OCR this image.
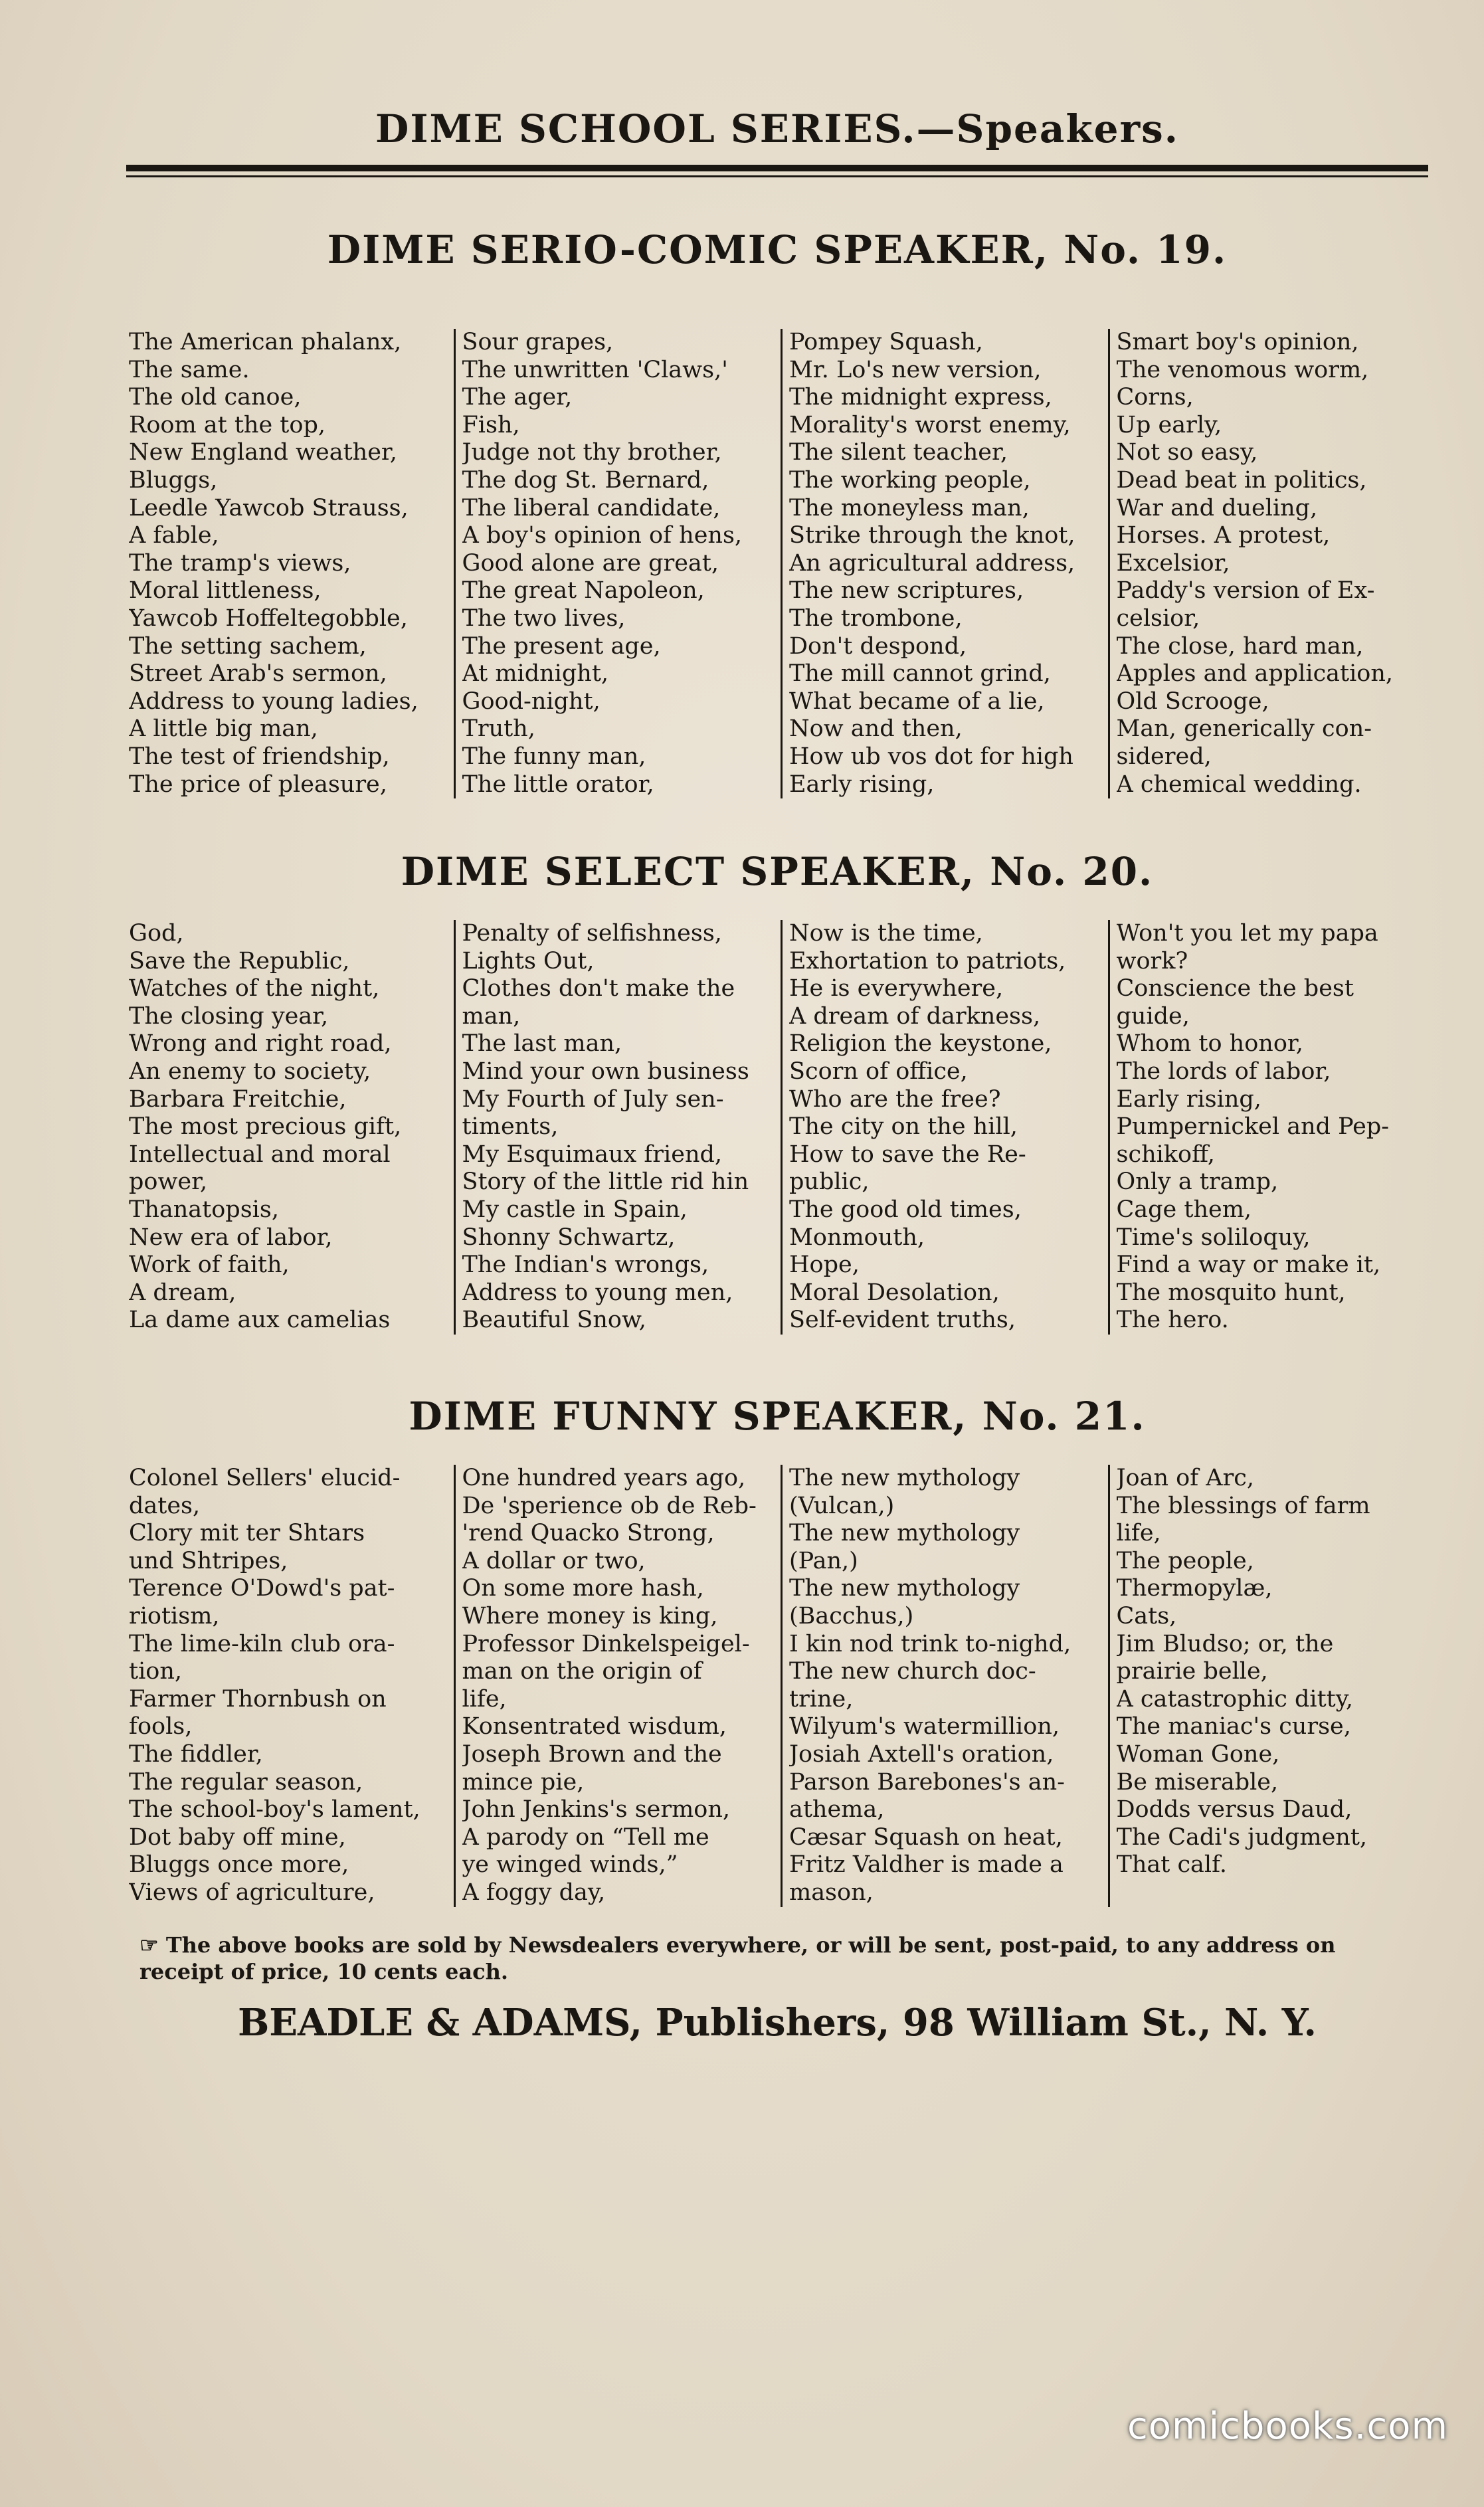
DIME SCHOOL SERIES.—Speakers.
DIME SERIO-COMIC SPEAKER, No. 19.
The American phalanx,
The same.
The old canoe,
Room at the top,
New England weather,
Bluggs,
Leedle Yawcob Strauss,
A fable,
The tramp's views,
Moral littleness,
Yawcob Hoffeltegobble,
The setting sachem,
Street Arab's sermon,
Address to young ladies,
A little big man,
The test of friendship,
The price of pleasure,
Sour grapes,
The unwritten 'Claws,'
The ager,
Fish,
Judge not thy brother,
The dog St. Bernard,
The liberal candidate,
A boy's opinion of hens,
Good alone are great,
The great Napoleon,
The two lives,
The present age,
At midnight,
Good-night,
Truth,
The funny man,
The little orator,
Pompey Squash,
Mr. Lo's new version,
The midnight express,
Morality's worst enemy,
The silent teacher,
The working people,
The moneyless man,
Strike through the knot,
An agricultural address,
The new scriptures,
The trombone,
Don't despond,
The mill cannot grind,
What became of a lie,
Now and then,
How ub vos dot for high
Early rising,
Smart boy's opinion,
The venomous worm,
Corns,
Up early,
Not so easy,
Dead beat in politics,
War and dueling,
Horses. A protest,
Excelsior,
Paddy's version of Ex-
celsior,
The close, hard man,
Apples and application,
Old Scrooge,
Man, generically con-
sidered,
A chemical wedding.
DIME SELECT SPEAKER, No. 20.
God,
Save the Republic,
Watches of the night,
The closing year,
Wrong and right road,
An enemy to society,
Barbara Freitchie,
The most precious gift,
Intellectual and moral
power,
Thanatopsis,
New era of labor,
Work of faith,
A dream,
La dame aux camelias
Penalty of selfishness,
Lights Out,
Clothes don't make the
man,
The last man,
Mind your own business
My Fourth of July sen-
timents,
My Esquimaux friend,
Story of the little rid hin
My castle in Spain,
Shonny Schwartz,
The Indian's wrongs,
Address to young men,
Beautiful Snow,
Now is the time,
Exhortation to patriots,
He is everywhere,
A dream of darkness,
Religion the keystone,
Scorn of office,
Who are the free?
The city on the hill,
How to save the Re-
public,
The good old times,
Monmouth,
Hope,
Moral Desolation,
Self-evident truths,
Won't you let my papa
work?
Conscience the best
guide,
Whom to honor,
The lords of labor,
Early rising,
Pumpernickel and Pep-
schikoff,
Only a tramp,
Cage them,
Time's soliloquy,
Find a way or make it,
The mosquito hunt,
The hero.
DIME FUNNY SPEAKER, No. 21.
Colonel Sellers' elucid-
dates,
Clory mit ter Shtars
und Shtripes,
Terence O'Dowd's pat-
riotism,
The lime-kiln club ora-
tion,
Farmer Thornbush on
fools,
The fiddler,
The regular season,
The school-boy's lament,
Dot baby off mine,
Bluggs once more,
Views of agriculture,
One hundred years ago,
De 'sperience ob de Reb-
'rend Quacko Strong,
A dollar or two,
On some more hash,
Where money is king,
Professor Dinkelspeigel-
man on the origin of
life,
Konsentrated wisdum,
Joseph Brown and the
mince pie,
John Jenkins's sermon,
A parody on “Tell me
ye winged winds,”
A foggy day,
The new mythology
(Vulcan,)
The new mythology
(Pan,)
The new mythology
(Bacchus,)
I kin nod trink to-nighd,
The new church doc-
trine,
Wilyum's watermillion,
Josiah Axtell's oration,
Parson Barebones's an-
athema,
Cæsar Squash on heat,
Fritz Valdher is made a
mason,
Joan of Arc,
The blessings of farm
life,
The people,
Thermopylæ,
Cats,
Jim Bludso; or, the
prairie belle,
A catastrophic ditty,
The maniac's curse,
Woman Gone,
Be miserable,
Dodds versus Daud,
The Cadi's judgment,
That calf.
☞ The above books are sold by Newsdealers everywhere, or will be sent, post-paid, to any address on receipt of price, 10 cents each.
BEADLE & ADAMS, Publishers, 98 William St., N. Y.
comicbooks.com
